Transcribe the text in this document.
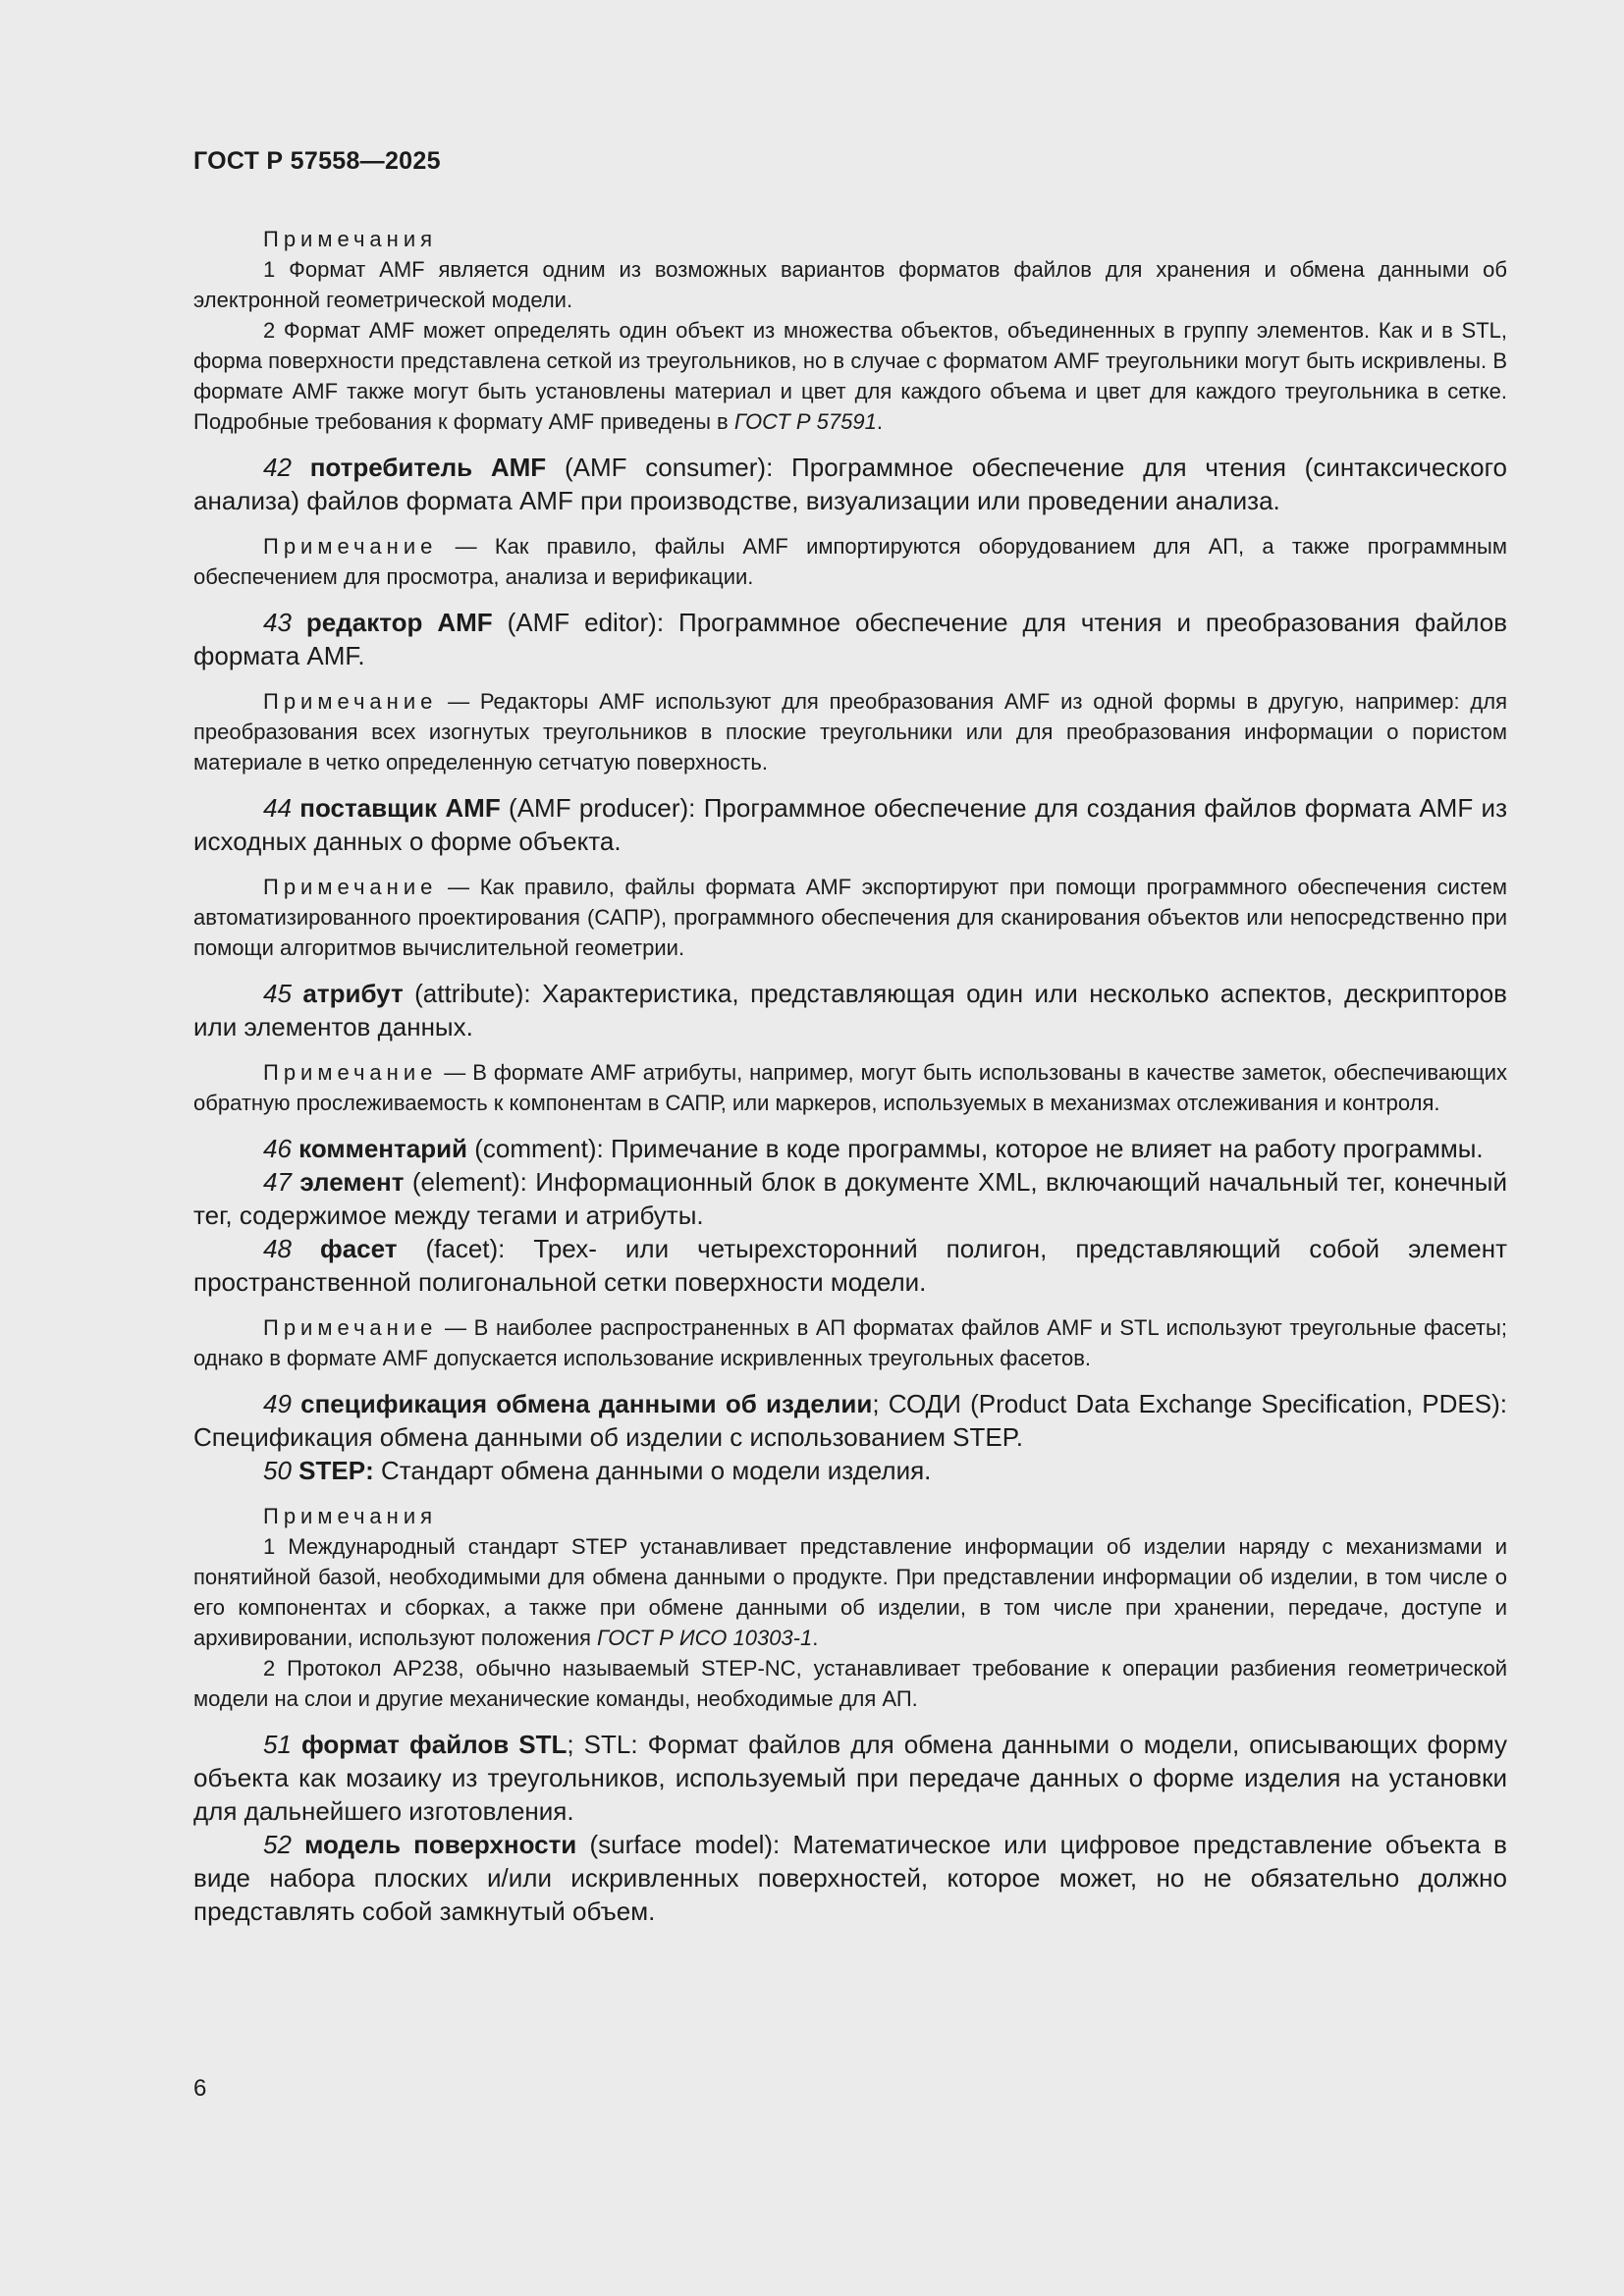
ГОСТ Р 57558—2025

Примечания

1 Формат AMF является одним из возможных вариантов форматов файлов для хранения и обмена данными об электронной геометрической модели.

2 Формат AMF может определять один объект из множества объектов, объединенных в группу элементов. Как и в STL, форма поверхности представлена сеткой из треугольников, но в случае с форматом AMF треугольники могут быть искривлены. В формате AMF также могут быть установлены материал и цвет для каждого объема и цвет для каждого треугольника в сетке. Подробные требования к формату AMF приведены в ГОСТ Р 57591.

42 потребитель AMF (AMF consumer): Программное обеспечение для чтения (синтаксического анализа) файлов формата AMF при производстве, визуализации или проведении анализа.

Примечание — Как правило, файлы AMF импортируются оборудованием для АП, а также программным обеспечением для просмотра, анализа и верификации.

43 редактор AMF (AMF editor): Программное обеспечение для чтения и преобразования файлов формата AMF.

Примечание — Редакторы AMF используют для преобразования AMF из одной формы в другую, например: для преобразования всех изогнутых треугольников в плоские треугольники или для преобразования информации о пористом материале в четко определенную сетчатую поверхность.

44 поставщик AMF (AMF producer): Программное обеспечение для создания файлов формата AMF из исходных данных о форме объекта.

Примечание — Как правило, файлы формата AMF экспортируют при помощи программного обеспечения систем автоматизированного проектирования (САПР), программного обеспечения для сканирования объектов или непосредственно при помощи алгоритмов вычислительной геометрии.

45 атрибут (attribute): Характеристика, представляющая один или несколько аспектов, дескрипторов или элементов данных.

Примечание — В формате AMF атрибуты, например, могут быть использованы в качестве заметок, обеспечивающих обратную прослеживаемость к компонентам в САПР, или маркеров, используемых в механизмах отслеживания и контроля.

46 комментарий (comment): Примечание в коде программы, которое не влияет на работу программы.

47 элемент (element): Информационный блок в документе XML, включающий начальный тег, конечный тег, содержимое между тегами и атрибуты.

48 фасет (facet): Трех- или четырехсторонний полигон, представляющий собой элемент пространственной полигональной сетки поверхности модели.

Примечание — В наиболее распространенных в АП форматах файлов AMF и STL используют треугольные фасеты; однако в формате AMF допускается использование искривленных треугольных фасетов.

49 спецификация обмена данными об изделии; СОДИ (Product Data Exchange Specification, PDES): Спецификация обмена данными об изделии с использованием STEP.

50 STEP: Стандарт обмена данными о модели изделия.

Примечания

1 Международный стандарт STEP устанавливает представление информации об изделии наряду с механизмами и понятийной базой, необходимыми для обмена данными о продукте. При представлении информации об изделии, в том числе о его компонентах и сборках, а также при обмене данными об изделии, в том числе при хранении, передаче, доступе и архивировании, используют положения ГОСТ Р ИСО 10303-1.

2 Протокол AP238, обычно называемый STEP-NC, устанавливает требование к операции разбиения геометрической модели на слои и другие механические команды, необходимые для АП.

51 формат файлов STL; STL: Формат файлов для обмена данными о модели, описывающих форму объекта как мозаику из треугольников, используемый при передаче данных о форме изделия на установки для дальнейшего изготовления.

52 модель поверхности (surface model): Математическое или цифровое представление объекта в виде набора плоских и/или искривленных поверхностей, которое может, но не обязательно должно представлять собой замкнутый объем.

6
